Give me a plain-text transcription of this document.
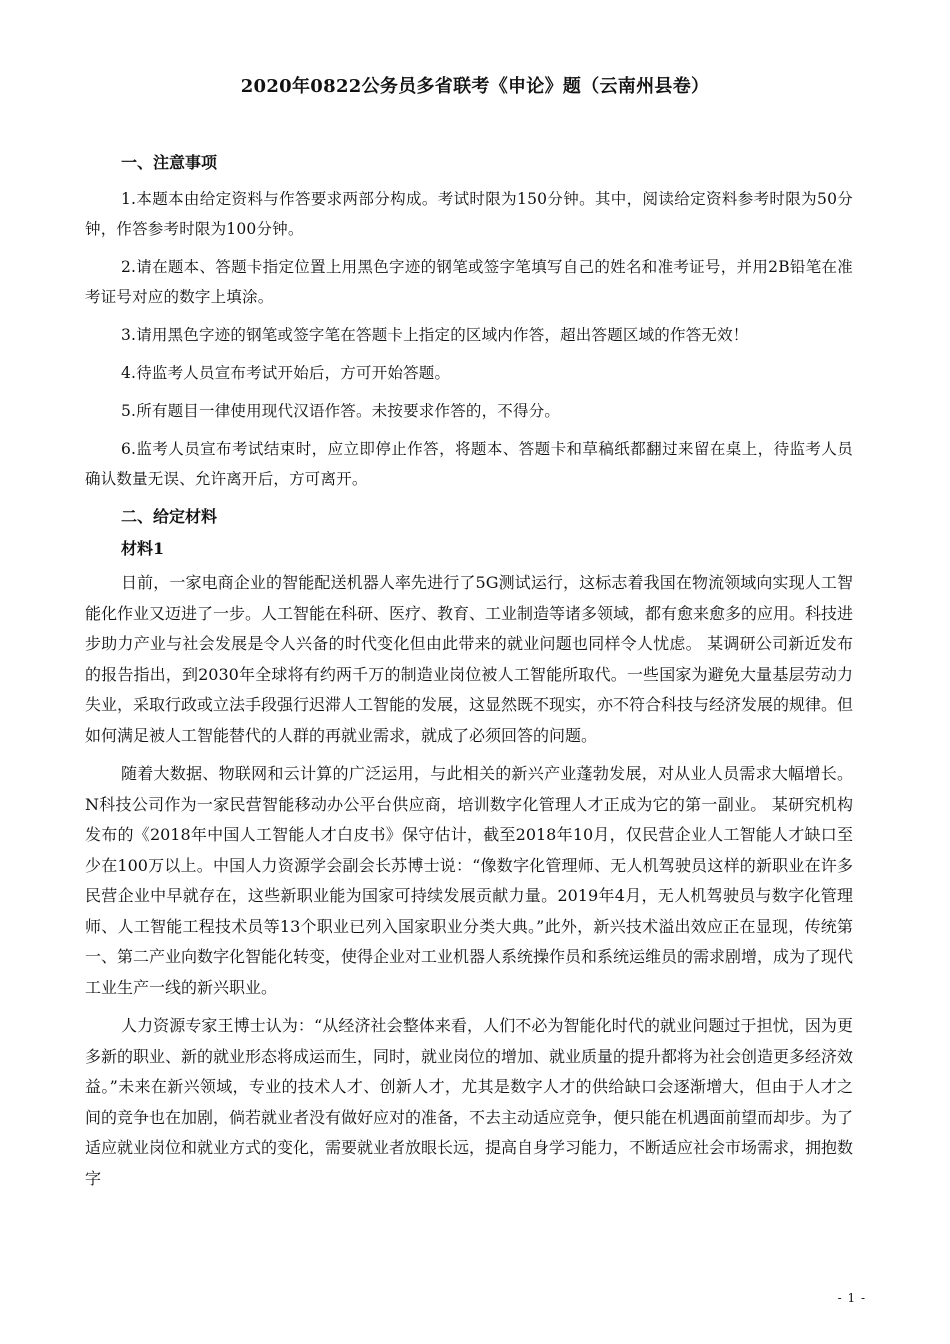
2020年0822公务员多省联考《申论》题（云南州县卷）
一、注意事项

1.本题本由给定资料与作答要求两部分构成。考试时限为150分钟。其中，阅读给定资料参考时限为50分钟，作答参考时限为100分钟。

2.请在题本、答题卡指定位置上用黑色字迹的钢笔或签字笔填写自己的姓名和准考证号，并用2B铅笔在准考证号对应的数字上填涂。

3.请用黑色字迹的钢笔或签字笔在答题卡上指定的区域内作答，超出答题区域的作答无效！

4.待监考人员宣布考试开始后，方可开始答题。

5.所有题目一律使用现代汉语作答。未按要求作答的，不得分。

6.监考人员宣布考试结束时，应立即停止作答，将题本、答题卡和草稿纸都翻过来留在桌上，待监考人员确认数量无误、允许离开后，方可离开。

二、给定材料
材料1

日前，一家电商企业的智能配送机器人率先进行了5G测试运行，这标志着我国在物流领域向实现人工智能化作业又迈进了一步。人工智能在科研、医疗、教育、工业制造等诸多领域，都有愈来愈多的应用。科技进步助力产业与社会发展是令人兴备的时代变化但由此带来的就业问题也同样令人忧虑。 某调研公司新近发布的报告指出，到2030年全球将有约两千万的制造业岗位被人工智能所取代。一些国家为避免大量基层劳动力失业，采取行政或立法手段强行迟滞人工智能的发展，这显然既不现实，亦不符合科技与经济发展的规律。但如何满足被人工智能替代的人群的再就业需求，就成了必须回答的问题。

随着大数据、物联网和云计算的广泛运用，与此相关的新兴产业蓬勃发展，对从业人员需求大幅增长。N科技公司作为一家民营智能移动办公平台供应商，培训数字化管理人才正成为它的第一副业。 某研究机构发布的《2018年中国人工智能人才白皮书》保守估计，截至2018年10月，仅民营企业人工智能人才缺口至少在100万以上。中国人力资源学会副会长苏博士说：“像数字化管理师、无人机驾驶员这样的新职业在许多民营企业中早就存在，这些新职业能为国家可持续发展贡献力量。2019年4月，无人机驾驶员与数字化管理师、人工智能工程技术员等13个职业已列入国家职业分类大典。”此外，新兴技术溢出效应正在显现，传统第一、第二产业向数字化智能化转变，使得企业对工业机器人系统操作员和系统运维员的需求剧增，成为了现代工业生产一线的新兴职业。

人力资源专家王博士认为：“从经济社会整体来看，人们不必为智能化时代的就业问题过于担忧，因为更多新的职业、新的就业形态将成运而生，同时，就业岗位的增加、就业质量的提升都将为社会创造更多经济效益。”未来在新兴领域，专业的技术人才、创新人才，尤其是数字人才的供给缺口会逐渐增大，但由于人才之间的竞争也在加剧，倘若就业者没有做好应对的准备，不去主动适应竞争，便只能在机遇面前望而却步。为了适应就业岗位和就业方式的变化，需要就业者放眼长远，提高自身学习能力，不断适应社会市场需求，拥抱数字

- 1 -
